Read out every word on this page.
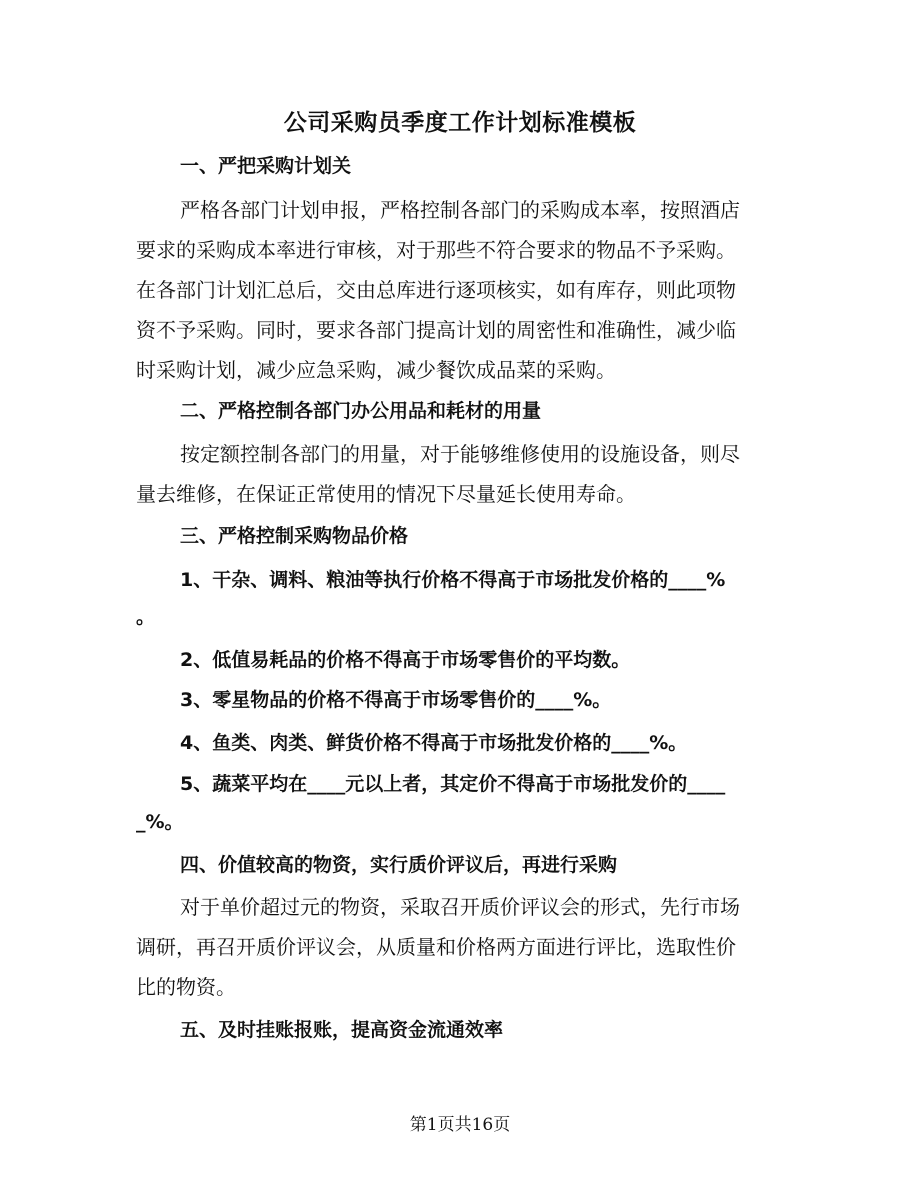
公司采购员季度工作计划标准模板
一、严把采购计划关
严格各部门计划申报，严格控制各部门的采购成本率，按照酒店
要求的采购成本率进行审核，对于那些不符合要求的物品不予采购。
在各部门计划汇总后，交由总库进行逐项核实，如有库存，则此项物
资不予采购。同时，要求各部门提高计划的周密性和准确性，减少临
时采购计划，减少应急采购，减少餐饮成品菜的采购。
二、严格控制各部门办公用品和耗材的用量
按定额控制各部门的用量，对于能够维修使用的设施设备，则尽
量去维修，在保证正常使用的情况下尽量延长使用寿命。
三、严格控制采购物品价格
1、干杂、调料、粮油等执行价格不得高于市场批发价格的____%
。
2、低值易耗品的价格不得高于市场零售价的平均数。
3、零星物品的价格不得高于市场零售价的____%。
4、鱼类、肉类、鲜货价格不得高于市场批发价格的____%。
5、蔬菜平均在____元以上者，其定价不得高于市场批发价的____
_%。
四、价值较高的物资，实行质价评议后，再进行采购
对于单价超过元的物资，采取召开质价评议会的形式，先行市场
调研，再召开质价评议会，从质量和价格两方面进行评比，选取性价
比的物资。
五、及时挂账报账，提高资金流通效率
第1页共16页
